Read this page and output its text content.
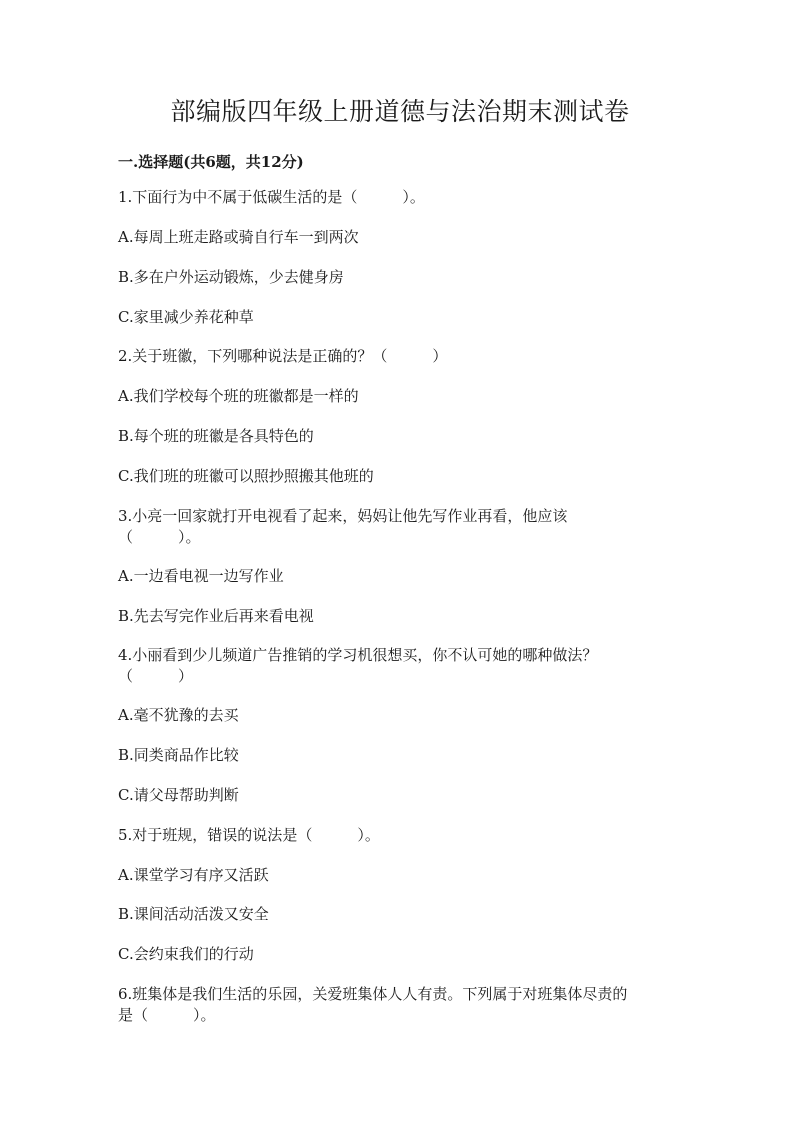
部编版四年级上册道德与法治期末测试卷

一.选择题(共6题，共12分)

1.下面行为中不属于低碳生活的是（　　　）。

A.每周上班走路或骑自行车一到两次

B.多在户外运动锻炼，少去健身房

C.家里减少养花种草

2.关于班徽，下列哪种说法是正确的？（　　　）

A.我们学校每个班的班徽都是一样的

B.每个班的班徽是各具特色的

C.我们班的班徽可以照抄照搬其他班的

3.小亮一回家就打开电视看了起来，妈妈让他先写作业再看，他应该

（　　　）。

A.一边看电视一边写作业

B.先去写完作业后再来看电视

4.小丽看到少儿频道广告推销的学习机很想买，你不认可她的哪种做法？

（　　　）

A.毫不犹豫的去买

B.同类商品作比较

C.请父母帮助判断

5.对于班规，错误的说法是（　　　）。

A.课堂学习有序又活跃

B.课间活动活泼又安全

C.会约束我们的行动

6.班集体是我们生活的乐园，关爱班集体人人有责。下列属于对班集体尽责的

是（　　　）。
